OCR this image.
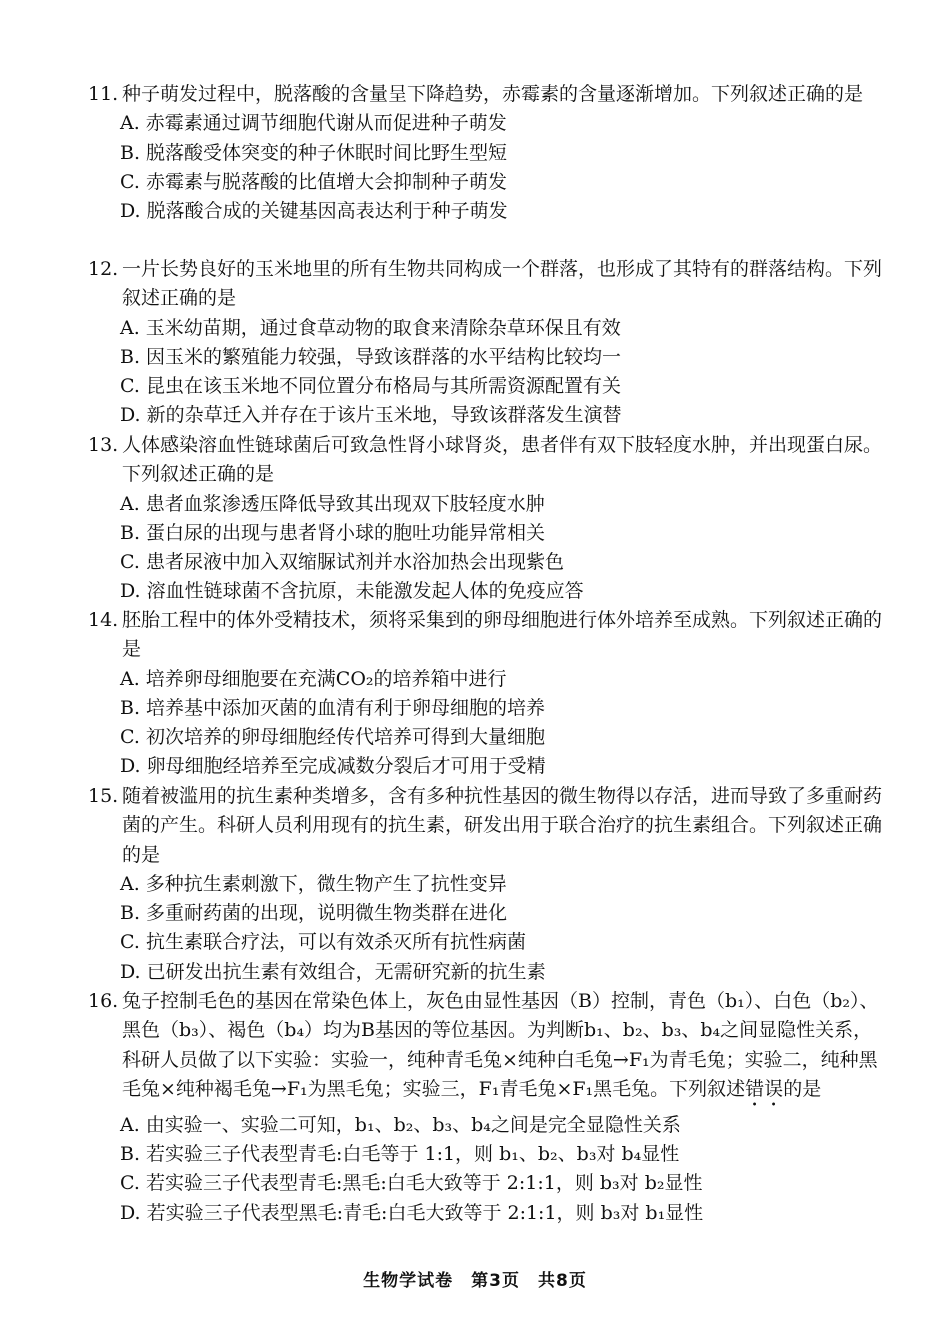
11. 种子萌发过程中，脱落酸的含量呈下降趋势，赤霉素的含量逐渐增加。下列叙述正确的是

A. 赤霉素通过调节细胞代谢从而促进种子萌发
B. 脱落酸受体突变的种子休眠时间比野生型短
C. 赤霉素与脱落酸的比值增大会抑制种子萌发
D. 脱落酸合成的关键基因高表达利于种子萌发

12. 一片长势良好的玉米地里的所有生物共同构成一个群落，也形成了其特有的群落结构。下列叙述正确的是

A. 玉米幼苗期，通过食草动物的取食来清除杂草环保且有效
B. 因玉米的繁殖能力较强，导致该群落的水平结构比较均一
C. 昆虫在该玉米地不同位置分布格局与其所需资源配置有关
D. 新的杂草迁入并存在于该片玉米地，导致该群落发生演替

13. 人体感染溶血性链球菌后可致急性肾小球肾炎，患者伴有双下肢轻度水肿，并出现蛋白尿。下列叙述正确的是

A. 患者血浆渗透压降低导致其出现双下肢轻度水肿
B. 蛋白尿的出现与患者肾小球的胞吐功能异常相关
C. 患者尿液中加入双缩脲试剂并水浴加热会出现紫色
D. 溶血性链球菌不含抗原，未能激发起人体的免疫应答

14. 胚胎工程中的体外受精技术，须将采集到的卵母细胞进行体外培养至成熟。下列叙述正确的是

A. 培养卵母细胞要在充满CO₂的培养箱中进行
B. 培养基中添加灭菌的血清有利于卵母细胞的培养
C. 初次培养的卵母细胞经传代培养可得到大量细胞
D. 卵母细胞经培养至完成减数分裂后才可用于受精

15. 随着被滥用的抗生素种类增多，含有多种抗性基因的微生物得以存活，进而导致了多重耐药菌的产生。科研人员利用现有的抗生素，研发出用于联合治疗的抗生素组合。下列叙述正确的是

A. 多种抗生素刺激下，微生物产生了抗性变异
B. 多重耐药菌的出现，说明微生物类群在进化
C. 抗生素联合疗法，可以有效杀灭所有抗性病菌
D. 已研发出抗生素有效组合，无需研究新的抗生素

16. 兔子控制毛色的基因在常染色体上，灰色由显性基因（B）控制，青色（b₁）、白色（b₂）、黑色（b₃）、褐色（b₄）均为B基因的等位基因。为判断b₁、b₂、b₃、b₄之间显隐性关系，科研人员做了以下实验：实验一，纯种青毛兔×纯种白毛兔→F₁为青毛兔；实验二，纯种黑毛兔×纯种褐毛兔→F₁为黑毛兔；实验三，F₁青毛兔×F₁黑毛兔。下列叙述错误的是

A. 由实验一、实验二可知，b₁、b₂、b₃、b₄之间是完全显隐性关系
B. 若实验三子代表型青毛:白毛等于 1:1，则 b₁、b₂、b₃对 b₄显性
C. 若实验三子代表型青毛:黑毛:白毛大致等于 2:1:1，则 b₃对 b₂显性
D. 若实验三子代表型黑毛:青毛:白毛大致等于 2:1:1，则 b₃对 b₁显性
生物学试卷　第3页　共8页
